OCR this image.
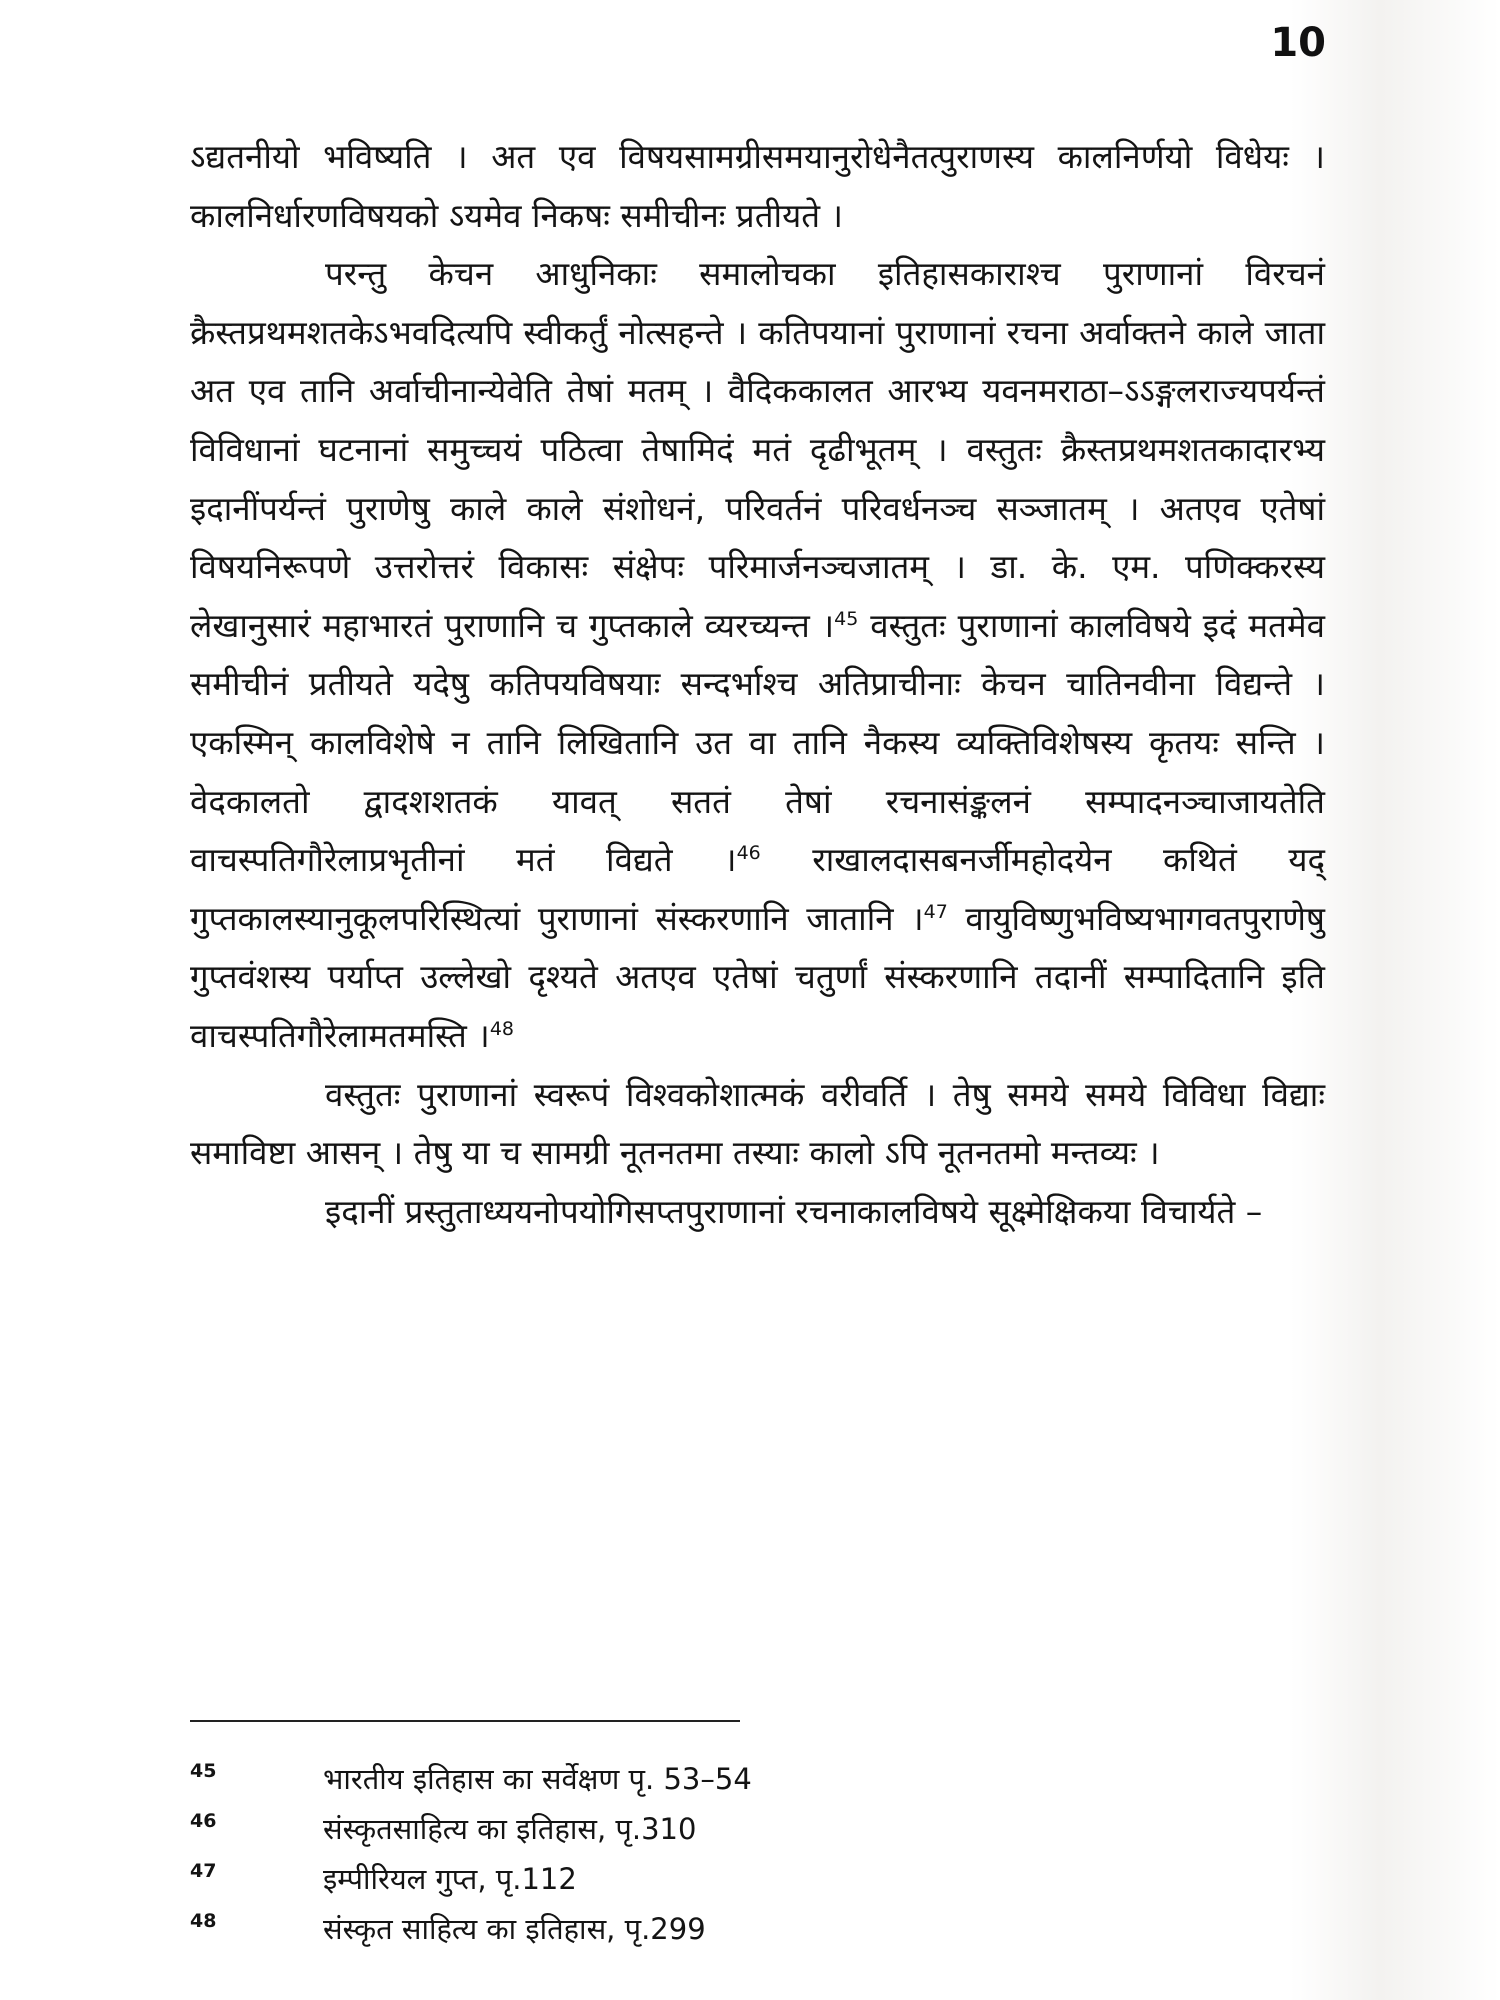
10

ऽद्यतनीयो भविष्यति । अत एव विषयसामग्रीसमयानुरोधेनैतत्पुराणस्य कालनिर्णयो विधेयः । कालनिर्धारणविषयको ऽयमेव निकषः समीचीनः प्रतीयते ।

परन्तु केचन आधुनिकाः समालोचका इतिहासकाराश्च पुराणानां विरचनं क्रैस्तप्रथमशतकेऽभवदित्यपि स्वीकर्तुं नोत्सहन्ते । कतिपयानां पुराणानां रचना अर्वाक्तने काले जाता अत एव तानि अर्वाचीनान्येवेति तेषां मतम् । वैदिककालत आरभ्य यवनमराठा–ऽऽङ्गलराज्यपर्यन्तं विविधानां घटनानां समुच्चयं पठित्वा तेषामिदं मतं दृढीभूतम् । वस्तुतः क्रैस्तप्रथमशतकादारभ्य इदानींपर्यन्तं पुराणेषु काले काले संशोधनं, परिवर्तनं परिवर्धनञ्च सञ्जातम् । अतएव एतेषां विषयनिरूपणे उत्तरोत्तरं विकासः संक्षेपः परिमार्जनञ्चजातम् । डा. के. एम. पणिक्करस्य लेखानुसारं महाभारतं पुराणानि च गुप्तकाले व्यरच्यन्त ।$^{45}$ वस्तुतः पुराणानां कालविषये इदं मतमेव समीचीनं प्रतीयते यदेषु कतिपयविषयाः सन्दर्भाश्च अतिप्राचीनाः केचन चातिनवीना विद्यन्ते । एकस्मिन् कालविशेषे न तानि लिखितानि उत वा तानि नैकस्य व्यक्तिविशेषस्य कृतयः सन्ति । वेदकालतो द्वादशशतकं यावत् सततं तेषां रचनासंङ्कलनं सम्पादनञ्चाजायतेति वाचस्पतिगौरेलाप्रभृतीनां मतं विद्यते ।$^{46}$ राखालदासबनर्जीमहोदयेन कथितं यद् गुप्तकालस्यानुकूलपरिस्थित्यां पुराणानां संस्करणानि जातानि ।$^{47}$ वायुविष्णुभविष्यभागवतपुराणेषु गुप्तवंशस्य पर्याप्त उल्लेखो दृश्यते अतएव एतेषां चतुर्णां संस्करणानि तदानीं सम्पादितानि इति वाचस्पतिगौरेलामतमस्ति ।$^{48}$

वस्तुतः पुराणानां स्वरूपं विश्वकोशात्मकं वरीवर्ति । तेषु समये समये विविधा विद्याः समाविष्टा आसन् । तेषु या च सामग्री नूतनतमा तस्याः कालो ऽपि नूतनतमो मन्तव्यः ।

इदानीं प्रस्तुताध्ययनोपयोगिसप्तपुराणानां रचनाकालविषये सूक्ष्मेक्षिकया विचार्यते –

45	भारतीय इतिहास का सर्वेक्षण पृ. 53–54
46	संस्कृतसाहित्य का इतिहास, पृ.310
47	इम्पीरियल गुप्त, पृ.112
48	संस्कृत साहित्य का इतिहास, पृ.299
